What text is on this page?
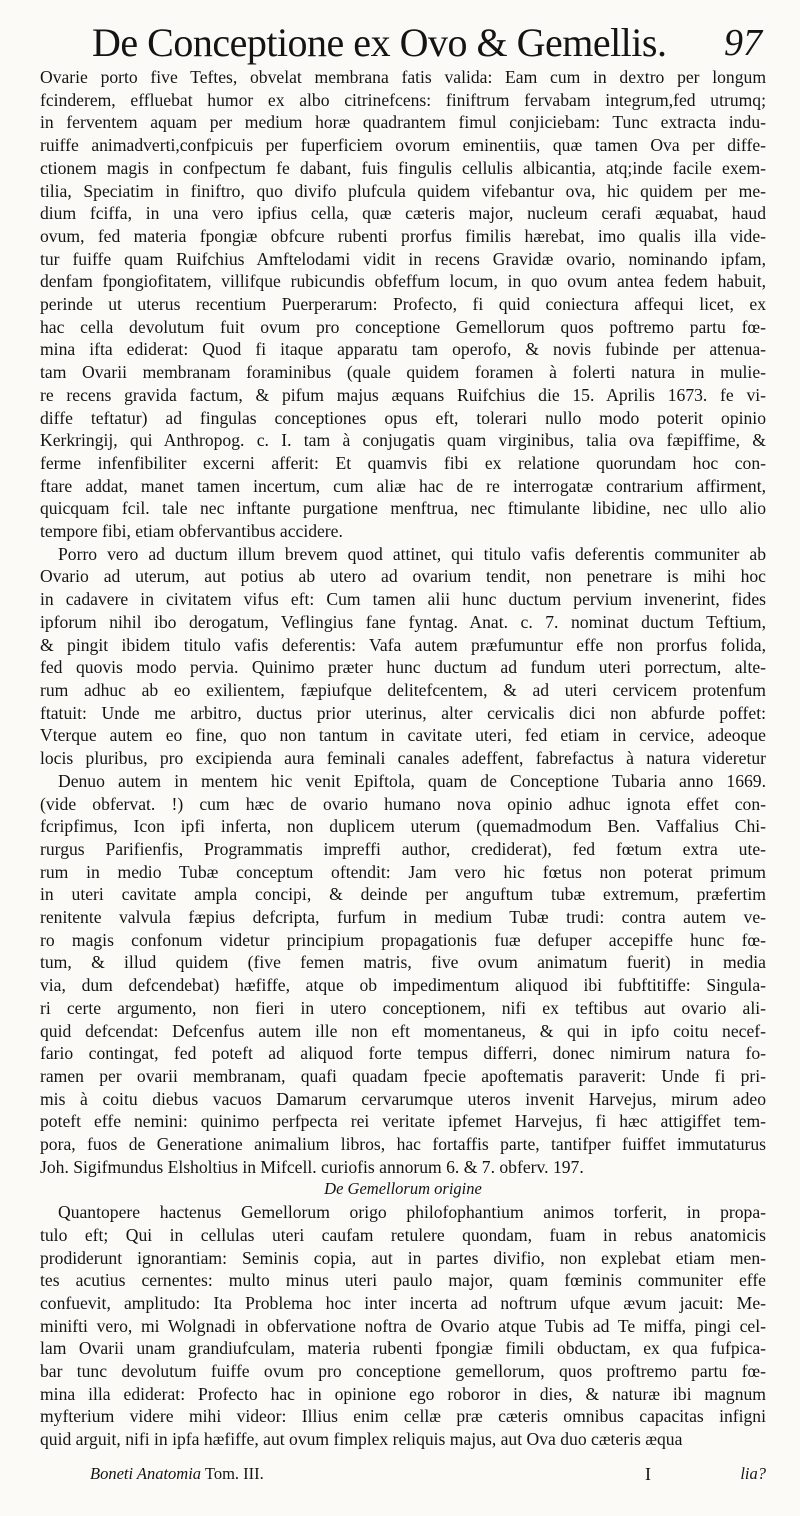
De Conceptione ex Ovo & Gemellis. 97
Ovarie porto five Teftes, obvelat membrana fatis valida: Eam cum in dextro per longum
fcinderem, effluebat humor ex albo citrinefcens: finiftrum fervabam integrum,fed utrumq;
in ferventem aquam per medium horæ quadrantem fimul conjiciebam: Tunc extracta indu-
ruiffe animadverti,confpicuis per fuperficiem ovorum eminentiis, quæ tamen Ova per diffe-
ctionem magis in confpectum fe dabant, fuis fingulis cellulis albicantia, atq;inde facile exem-
tilia, Speciatim in finiftro, quo divifo plufcula quidem vifebantur ova, hic quidem per me-
dium fciffa, in una vero ipfius cella, quæ cæteris major, nucleum cerafi æquabat, haud
ovum, fed materia fpongiæ obfcure rubenti prorfus fimilis hærebat, imo qualis illa vide-
tur fuiffe quam Ruifchius Amftelodami vidit in recens Gravidæ ovario, nominando ipfam,
denfam fpongiofitatem, villifque rubicundis obfeffum locum, in quo ovum antea fedem habuit,
perinde ut uterus recentium Puerperarum: Profecto, fi quid coniectura affequi licet, ex
hac cella devolutum fuit ovum pro conceptione Gemellorum quos poftremo partu fœ-
mina ifta ediderat: Quod fi itaque apparatu tam operofo, & novis fubinde per attenua-
tam Ovarii membranam foraminibus (quale quidem foramen à folerti natura in mulie-
re recens gravida factum, & pifum majus æquans Ruifchius die 15. Aprilis 1673. fe vi-
diffe teftatur) ad fingulas conceptiones opus eft, tolerari nullo modo poterit opinio
Kerkringij, qui Anthropog. c. I. tam à conjugatis quam virginibus, talia ova fæpiffime, &
ferme infenfibiliter excerni afferit: Et quamvis fibi ex relatione quorundam hoc con-
ftare addat, manet tamen incertum, cum aliæ hac de re interrogatæ contrarium affirment,
quicquam fcil. tale nec inftante purgatione menftrua, nec ftimulante libidine, nec ullo alio
tempore fibi, etiam obfervantibus accidere.
Porro vero ad ductum illum brevem quod attinet, qui titulo vafis deferentis communiter ab
Ovario ad uterum, aut potius ab utero ad ovarium tendit, non penetrare is mihi hoc
in cadavere in civitatem vifus eft: Cum tamen alii hunc ductum pervium invenerint, fides
ipforum nihil ibo derogatum, Veflingius fane fyntag. Anat. c. 7. nominat ductum Teftium,
& pingit ibidem titulo vafis deferentis: Vafa autem præfumuntur effe non prorfus folida,
fed quovis modo pervia. Quinimo præter hunc ductum ad fundum uteri porrectum, alte-
rum adhuc ab eo exilientem, fæpiufque delitefcentem, & ad uteri cervicem protenfum
ftatuit: Unde me arbitro, ductus prior uterinus, alter cervicalis dici non abfurde poffet:
Vterque autem eo fine, quo non tantum in cavitate uteri, fed etiam in cervice, adeoque
locis pluribus, pro excipienda aura feminali canales adeffent, fabrefactus à natura videretur
Denuo autem in mentem hic venit Epiftola, quam de Conceptione Tubaria anno 1669.
(vide obfervat. !) cum hæc de ovario humano nova opinio adhuc ignota effet con-
fcripfimus, Icon ipfi inferta, non duplicem uterum (quemadmodum Ben. Vaffalius Chi-
rurgus Parifienfis, Programmatis impreffi author, crediderat), fed fœtum extra ute-
rum in medio Tubæ conceptum oftendit: Jam vero hic fœtus non poterat primum
in uteri cavitate ampla concipi, & deinde per anguftum tubæ extremum, præfertim
renitente valvula fæpius defcripta, furfum in medium Tubæ trudi: contra autem ve-
ro magis confonum videtur principium propagationis fuæ defuper accepiffe hunc fœ-
tum, & illud quidem (five femen matris, five ovum animatum fuerit) in media
via, dum defcendebat) hæfiffe, atque ob impedimentum aliquod ibi fubftitiffe: Singula-
ri certe argumento, non fieri in utero conceptionem, nifi ex teftibus aut ovario ali-
quid defcendat: Defcenfus autem ille non eft momentaneus, & qui in ipfo coitu necef-
fario contingat, fed poteft ad aliquod forte tempus differri, donec nimirum natura fo-
ramen per ovarii membranam, quafi quadam fpecie apoftematis paraverit: Unde fi pri-
mis à coitu diebus vacuos Damarum cervarumque uteros invenit Harvejus, mirum adeo
poteft effe nemini: quinimo perfpecta rei veritate ipfemet Harvejus, fi hæc attigiffet tem-
pora, fuos de Generatione animalium libros, hac fortaffis parte, tantifper fuiffet immutaturus
Joh. Sigifmundus Elsholtius in Mifcell. curiofis annorum 6. & 7. obferv. 197.
De Gemellorum origine
Quantopere hactenus Gemellorum origo philofophantium animos torferit, in propa-
tulo eft; Qui in cellulas uteri caufam retulere quondam, fuam in rebus anatomicis
prodiderunt ignorantiam: Seminis copia, aut in partes divifio, non explebat etiam men-
tes acutius cernentes: multo minus uteri paulo major, quam fœminis communiter effe
confuevit, amplitudo: Ita Problema hoc inter incerta ad noftrum ufque ævum jacuit: Me-
minifti vero, mi Wolgnadi in obfervatione noftra de Ovario atque Tubis ad Te miffa, pingi cel-
lam Ovarii unam grandiufculam, materia rubenti fpongiæ fimili obductam, ex qua fufpica-
bar tunc devolutum fuiffe ovum pro conceptione gemellorum, quos proftremo partu fœ-
mina illa ediderat: Profecto hac in opinione ego roboror in dies, & naturæ ibi magnum
myfterium videre mihi videor: Illius enim cellæ præ cæteris omnibus capacitas infigni
quid arguit, nifi in ipfa hæfiffe, aut ovum fimplex reliquis majus, aut Ova duo cæteris æqua
Boneti Anatomia Tom. III.	I	lia?
